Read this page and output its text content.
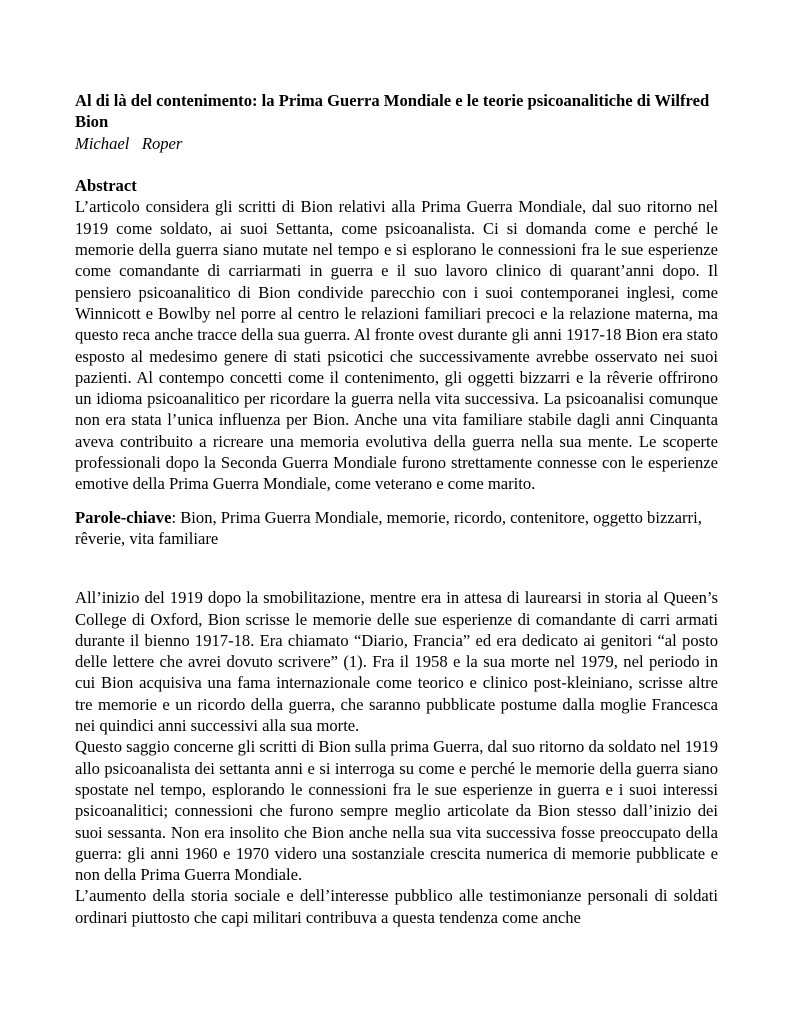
Al di là del contenimento: la Prima Guerra Mondiale e le teorie psicoanalitiche di Wilfred Bion

Michael   Roper

Abstract

L’articolo considera gli scritti di Bion relativi alla Prima Guerra Mondiale, dal suo ritorno nel 1919 come soldato, ai suoi Settanta, come psicoanalista. Ci si domanda come e perché le memorie della guerra siano mutate nel tempo e si esplorano le connessioni fra le sue esperienze come comandante di carriarmati in guerra e il suo lavoro clinico di quarant’anni dopo. Il pensiero psicoanalitico di Bion condivide parecchio con i suoi contemporanei inglesi, come Winnicott e Bowlby nel porre al centro le relazioni familiari precoci e la relazione materna, ma questo reca anche tracce della sua guerra. Al fronte ovest durante gli anni 1917-18 Bion era stato esposto al medesimo genere di stati psicotici che successivamente avrebbe osservato nei suoi pazienti. Al contempo concetti come il contenimento, gli oggetti bizzarri e la rêverie offrirono un idioma psicoanalitico per ricordare la guerra nella vita successiva. La psicoanalisi comunque non era stata l’unica influenza per Bion. Anche una vita familiare stabile dagli anni Cinquanta aveva contribuito a ricreare una memoria evolutiva della guerra nella sua mente. Le scoperte professionali dopo la Seconda Guerra Mondiale furono strettamente connesse con le esperienze emotive della Prima Guerra Mondiale, come veterano e come marito.

Parole-chiave: Bion, Prima Guerra Mondiale, memorie, ricordo, contenitore, oggetto bizzarri, rêverie, vita familiare

All’inizio del 1919 dopo la smobilitazione, mentre era in attesa di laurearsi in storia al Queen’s College di Oxford, Bion scrisse le memorie delle sue esperienze di comandante di carri armati durante il bienno 1917-18. Era chiamato “Diario, Francia” ed era dedicato ai genitori “al posto delle lettere che avrei dovuto scrivere” (1). Fra il 1958 e la sua morte nel 1979, nel periodo in cui Bion acquisiva una fama internazionale come teorico e clinico post-kleiniano, scrisse altre tre memorie e un ricordo della guerra, che saranno pubblicate postume dalla moglie Francesca nei quindici anni successivi alla sua morte.

Questo saggio concerne gli scritti di Bion sulla prima Guerra, dal suo ritorno da soldato nel 1919 allo psicoanalista dei settanta anni e si interroga su come e perché le memorie della guerra siano spostate nel tempo, esplorando le connessioni fra le sue esperienze in guerra e i suoi interessi psicoanalitici; connessioni che furono sempre meglio articolate da Bion stesso dall’inizio dei suoi sessanta. Non era insolito che Bion anche nella sua vita successiva fosse preoccupato della guerra: gli anni 1960 e 1970 videro una sostanziale crescita numerica di memorie pubblicate e non della Prima Guerra Mondiale.

L’aumento della storia sociale e dell’interesse pubblico alle testimonianze personali di soldati ordinari piuttosto che capi militari contribuva a questa tendenza come anche
